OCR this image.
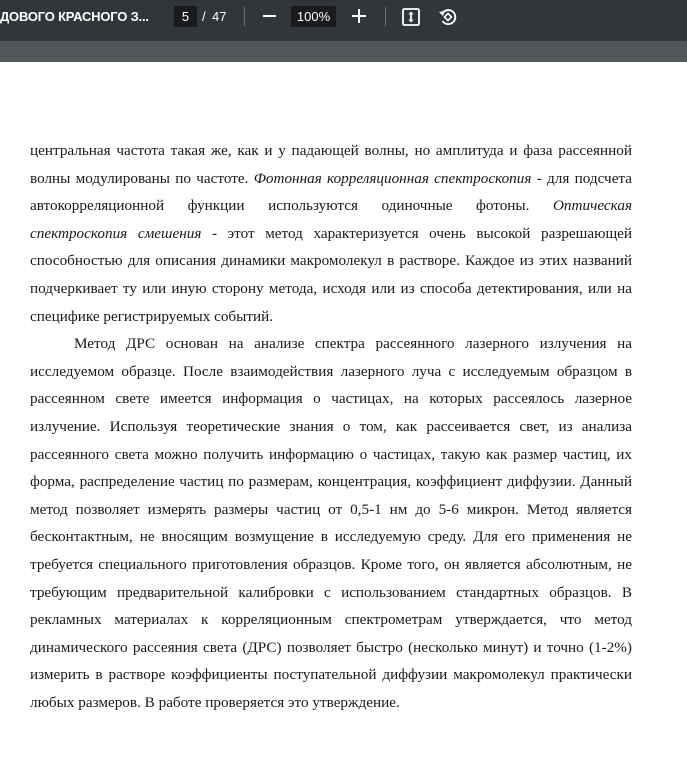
ДОВОГО КРАСНОГО З...	5 / 47	100%

центральная частота такая же, как и у падающей волны, но амплитуда и фаза рассеянной волны модулированы по частоте. Фотонная корреляционная спектроскопия - для подсчета автокорреляционной функции используются одиночные фотоны. Оптическая спектроскопия смешения - этот метод характеризуется очень высокой разрешающей способностью для описания динамики макромолекул в растворе. Каждое из этих названий подчеркивает ту или иную сторону метода, исходя или из способа детектирования, или на специфике регистрируемых событий.

Метод ДРС основан на анализе спектра рассеянного лазерного излучения на исследуемом образце. После взаимодействия лазерного луча с исследуемым образцом в рассеянном свете имеется информация о частицах, на которых рассеялось лазерное излучение. Используя теоретические знания о том, как рассеивается свет, из анализа рассеянного света можно получить информацию о частицах, такую как размер частиц, их форма, распределение частиц по размерам, концентрация, коэффициент диффузии. Данный метод позволяет измерять размеры частиц от 0,5-1 нм до 5-6 микрон. Метод является бесконтактным, не вносящим возмущение в исследуемую среду. Для его применения не требуется специального приготовления образцов. Кроме того, он является абсолютным, не требующим предварительной калибровки с использованием стандартных образцов. В рекламных материалах к корреляционным спектрометрам утверждается, что метод динамического рассеяния света (ДРС) позволяет быстро (несколько минут) и точно (1-2%) измерить в растворе коэффициенты поступательной диффузии макромолекул практически любых размеров. В работе проверяется это утверждение.
